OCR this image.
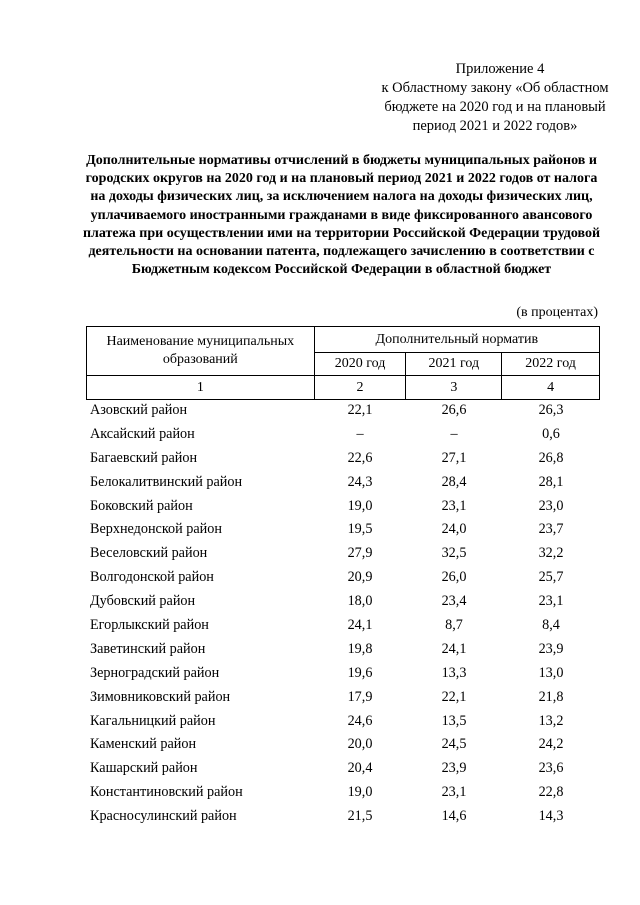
Приложение 4
к Областному закону «Об областном
бюджете на 2020 год и на плановый
период 2021 и 2022 годов»
Дополнительные нормативы отчислений в бюджеты муниципальных районов и городских округов на 2020 год и на плановый период 2021 и 2022 годов от налога на доходы физических лиц, за исключением налога на доходы физических лиц, уплачиваемого иностранными гражданами в виде фиксированного авансового платежа при осуществлении ими на территории Российской Федерации трудовой деятельности на основании патента, подлежащего зачислению в соответствии с Бюджетным кодексом Российской Федерации в областной бюджет
(в процентах)
Наименование муниципальных образований	Дополнительный норматив		
	2020 год	2021 год	2022 год
1	2	3	4
Азовский район	22,1	26,6	26,3
Аксайский район	–	–	0,6
Багаевский район	22,6	27,1	26,8
Белокалитвинский район	24,3	28,4	28,1
Боковский район	19,0	23,1	23,0
Верхнедонской район	19,5	24,0	23,7
Веселовский район	27,9	32,5	32,2
Волгодонской район	20,9	26,0	25,7
Дубовский район	18,0	23,4	23,1
Егорлыкский район	24,1	8,7	8,4
Заветинский район	19,8	24,1	23,9
Зерноградский район	19,6	13,3	13,0
Зимовниковский район	17,9	22,1	21,8
Кагальницкий район	24,6	13,5	13,2
Каменский район	20,0	24,5	24,2
Кашарский район	20,4	23,9	23,6
Константиновский район	19,0	23,1	22,8
Красносулинский район	21,5	14,6	14,3
